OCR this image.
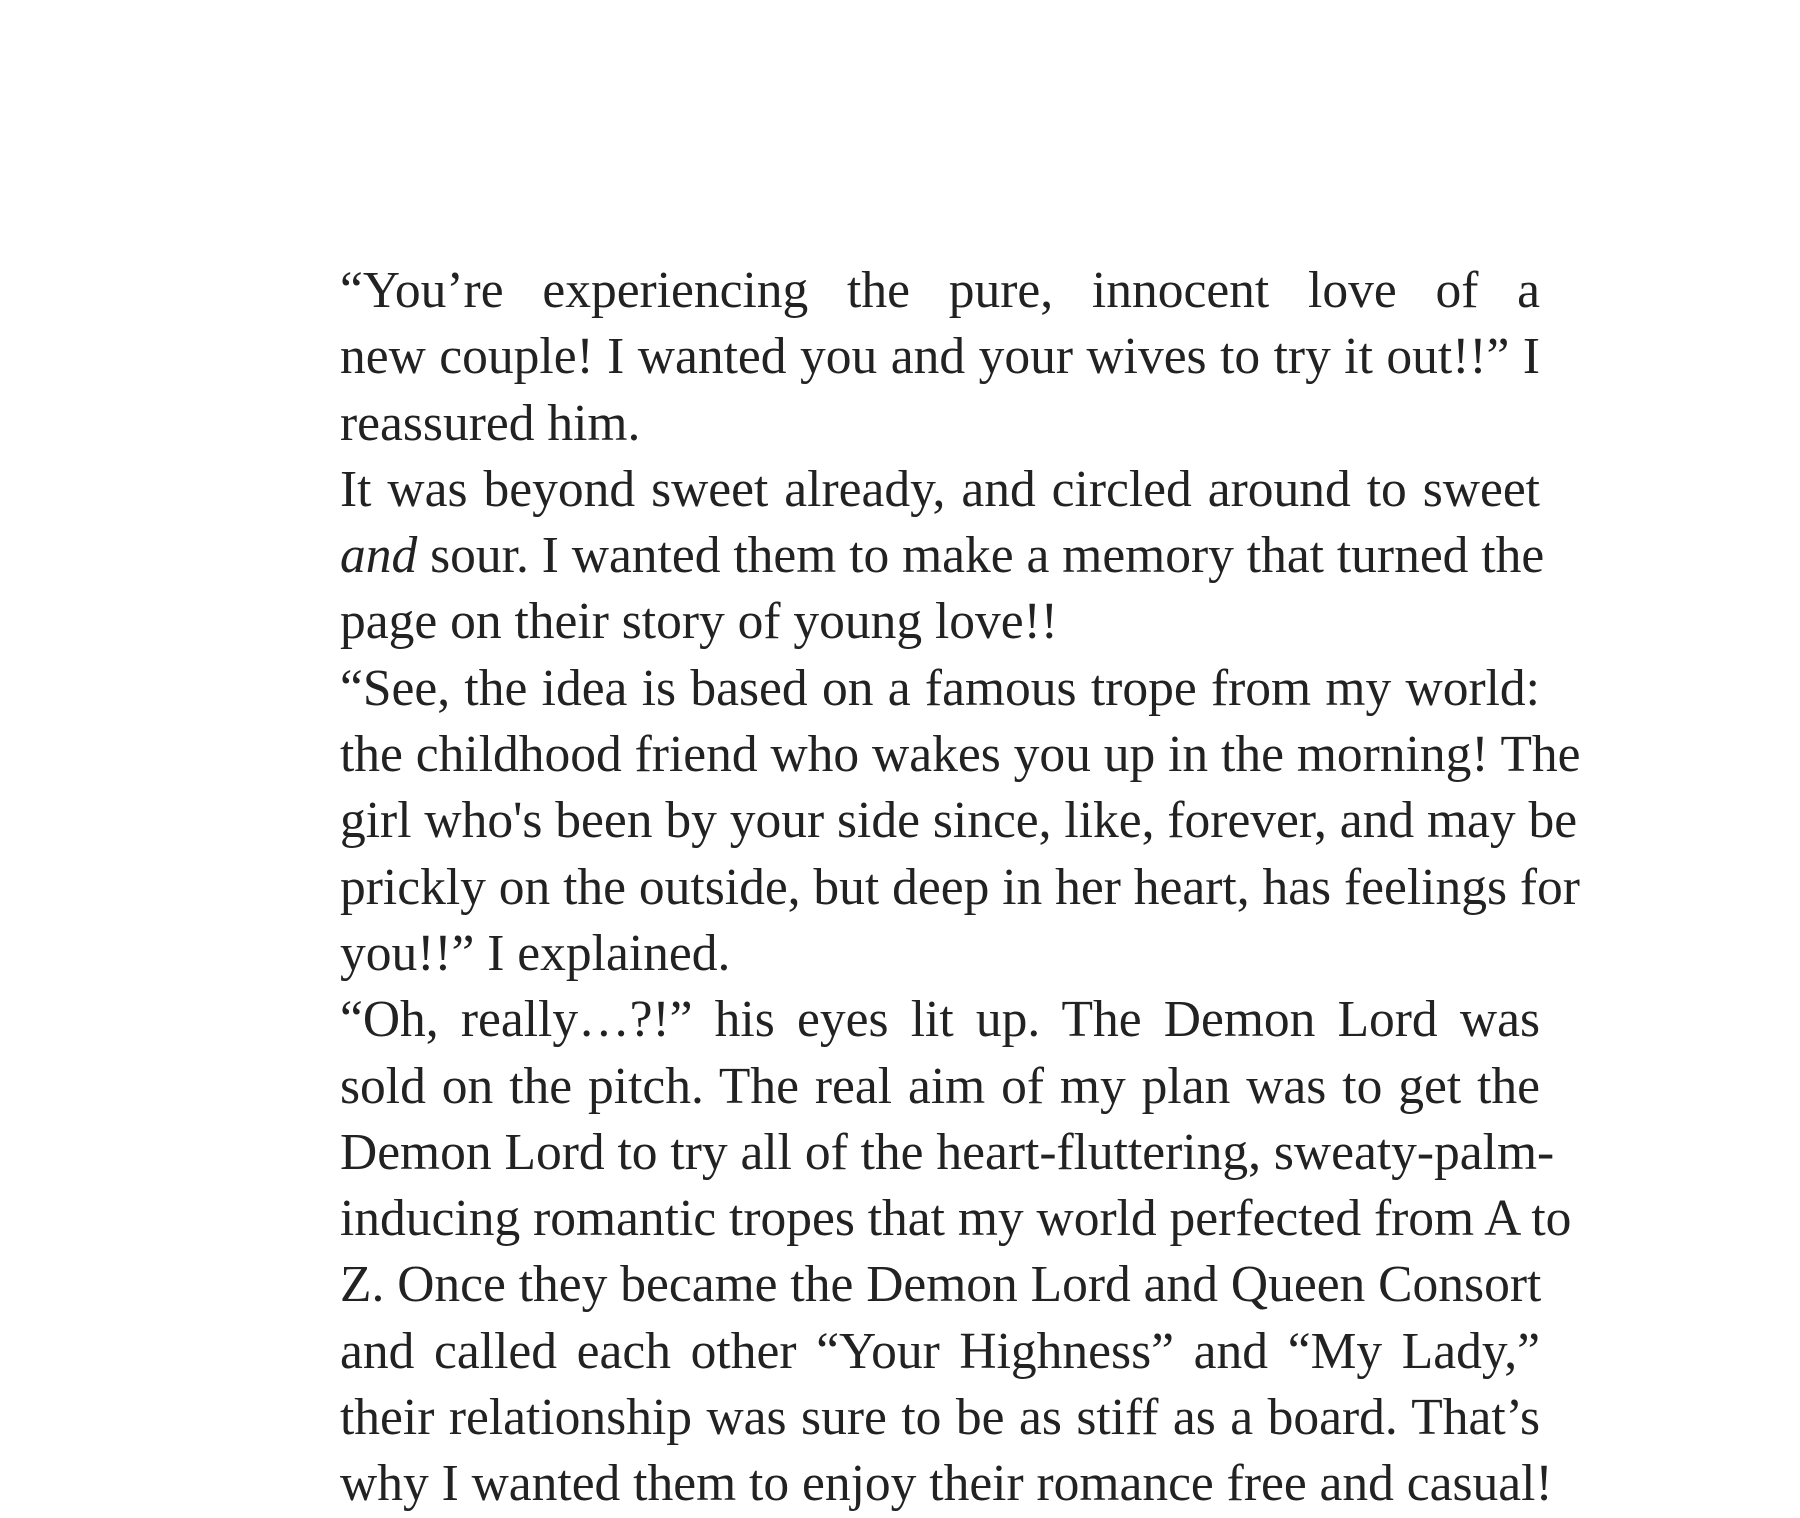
“You’re experiencing the pure, innocent love of a
new couple! I wanted you and your wives to try it out!!” I
reassured him.
It was beyond sweet already, and circled around to sweet
and sour. I wanted them to make a memory that turned the
page on their story of young love!!
“See, the idea is based on a famous trope from my world:
the childhood friend who wakes you up in the morning! The
girl who's been by your side since, like, forever, and may be
prickly on the outside, but deep in her heart, has feelings for
you!!” I explained.
“Oh, really…?!” his eyes lit up. The Demon Lord was
sold on the pitch. The real aim of my plan was to get the
Demon Lord to try all of the heart-fluttering, sweaty-palm-
inducing romantic tropes that my world perfected from A to
Z. Once they became the Demon Lord and Queen Consort
and called each other “Your Highness” and “My Lady,”
their relationship was sure to be as stiff as a board. That’s
why I wanted them to enjoy their romance free and casual!
